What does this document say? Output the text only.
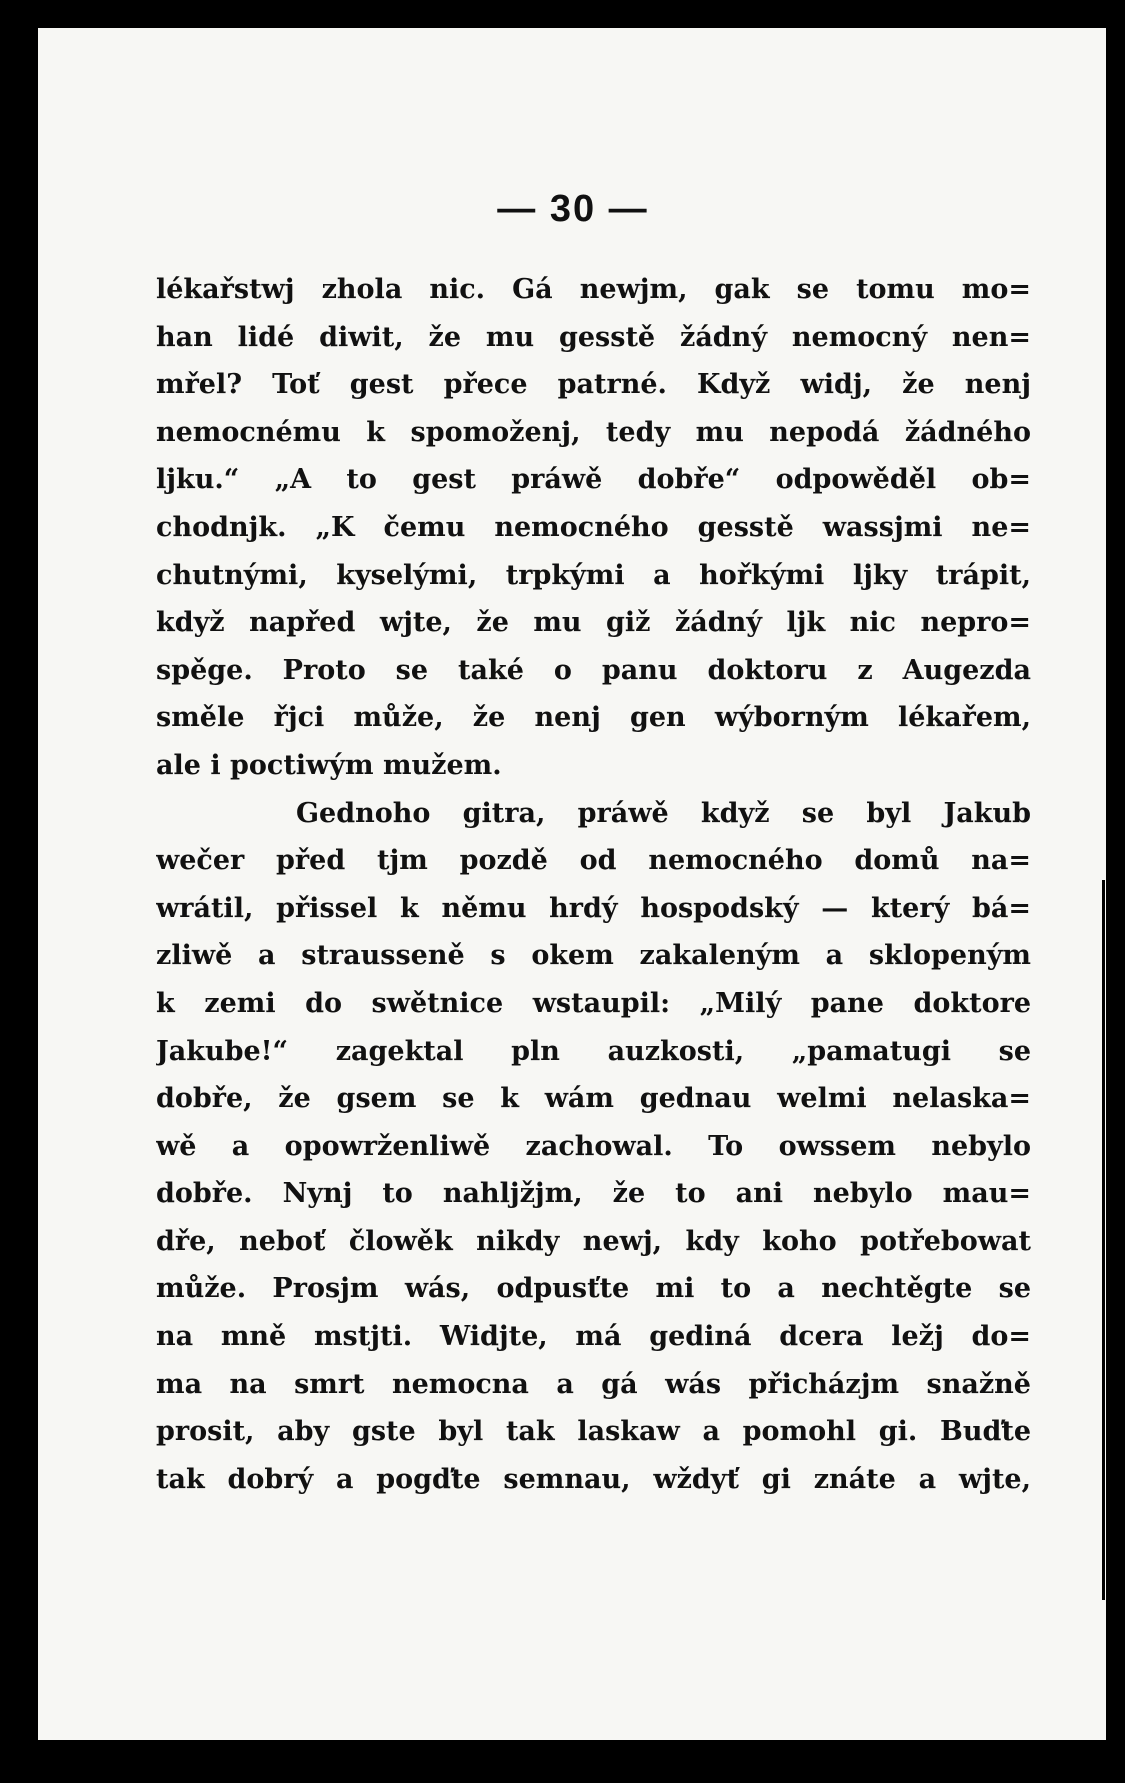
— 30 —
lékařstwj zhola nic. Gá newjm, gak se tomu mo=
han lidé diwit, že mu gesstě žádný nemocný nen=
mřel? Toť gest přece patrné. Když widj, že nenj
nemocnému k spomoženj, tedy mu nepodá žádného
ljku.“ „A to gest práwě dobře“ odpowěděl ob=
chodnjk. „K čemu nemocného gesstě wassjmi ne=
chutnými, kyselými, trpkými a hořkými ljky trápit,
když napřed wjte, že mu giž žádný ljk nic nepro=
spěge. Proto se také o panu doktoru z Augezda
směle řjci může, že nenj gen wýborným lékařem,
ale i poctiwým mužem.
Gednoho gitra, práwě když se byl Jakub
wečer před tjm pozdě od nemocného domů na=
wrátil, přissel k němu hrdý hospodský — který bá=
zliwě a strausseně s okem zakaleným a sklopeným
k zemi do swětnice wstaupil: „Milý pane doktore
Jakube!“ zagektal pln auzkosti, „pamatugi se
dobře, že gsem se k wám gednau welmi nelaska=
wě a opowrženliwě zachowal. To owssem nebylo
dobře. Nynj to nahljžjm, že to ani nebylo mau=
dře, neboť člowěk nikdy newj, kdy koho potřebowat
může. Prosjm wás, odpusťte mi to a nechtěgte se
na mně mstjti. Widjte, má gediná dcera ležj do=
ma na smrt nemocna a gá wás přicházjm snažně
prosit, aby gste byl tak laskaw a pomohl gi. Buďte
tak dobrý a pogďte semnau, wždyť gi znáte a wjte,
